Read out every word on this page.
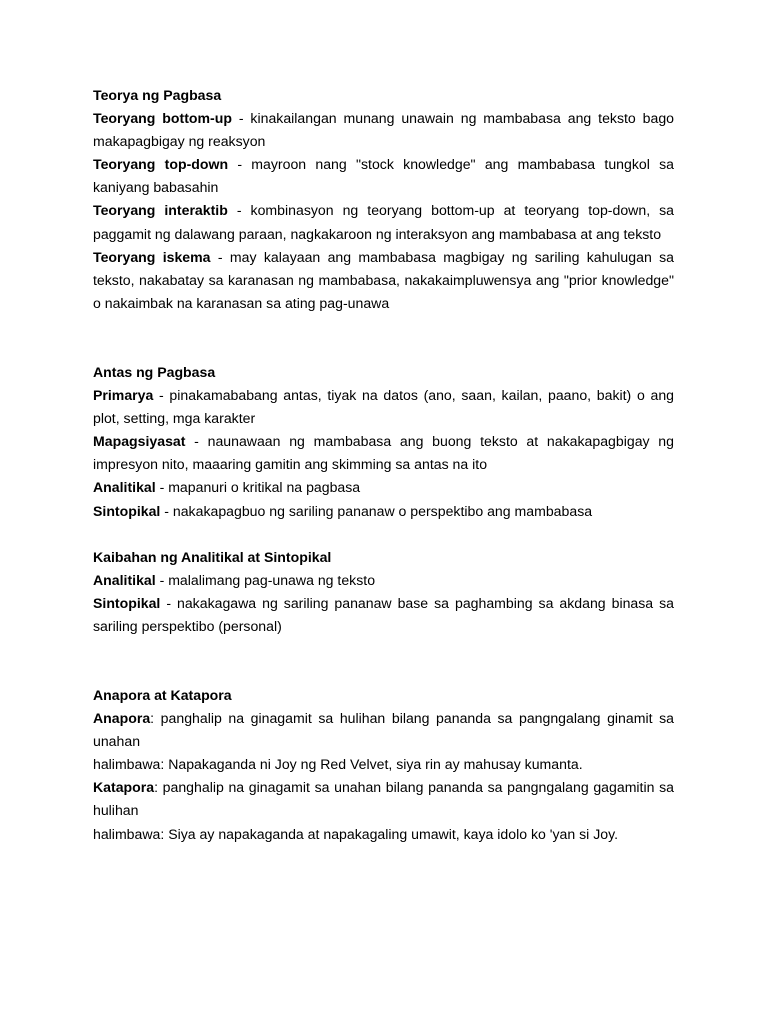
Teorya ng Pagbasa

Teoryang bottom-up - kinakailangan munang unawain ng mambabasa ang teksto bago makapagbigay ng reaksyon

Teoryang top-down - mayroon nang "stock knowledge" ang mambabasa tungkol sa kaniyang babasahin

Teoryang interaktib - kombinasyon ng teoryang bottom-up at teoryang top-down, sa paggamit ng dalawang paraan, nagkakaroon ng interaksyon ang mambabasa at ang teksto

Teoryang iskema - may kalayaan ang mambabasa magbigay ng sariling kahulugan sa teksto, nakabatay sa karanasan ng mambabasa, nakakaimpluwensya ang "prior knowledge" o nakaimbak na karanasan sa ating pag-unawa

Antas ng Pagbasa

Primarya - pinakamababang antas, tiyak na datos (ano, saan, kailan, paano, bakit) o ang plot, setting, mga karakter

Mapagsiyasat - naunawaan ng mambabasa ang buong teksto at nakakapagbigay ng impresyon nito, maaaring gamitin ang skimming sa antas na ito

Analitikal - mapanuri o kritikal na pagbasa

Sintopikal - nakakapagbuo ng sariling pananaw o perspektibo ang mambabasa

Kaibahan ng Analitikal at Sintopikal

Analitikal - malalimang pag-unawa ng teksto

Sintopikal - nakakagawa ng sariling pananaw base sa paghambing sa akdang binasa sa sariling perspektibo (personal)

Anapora at Katapora

Anapora: panghalip na ginagamit sa hulihan bilang pananda sa pangngalang ginamit sa unahan

halimbawa: Napakaganda ni Joy ng Red Velvet, siya rin ay mahusay kumanta.

Katapora: panghalip na ginagamit sa unahan bilang pananda sa pangngalang gagamitin sa hulihan

halimbawa: Siya ay napakaganda at napakagaling umawit, kaya idolo ko 'yan si Joy.
